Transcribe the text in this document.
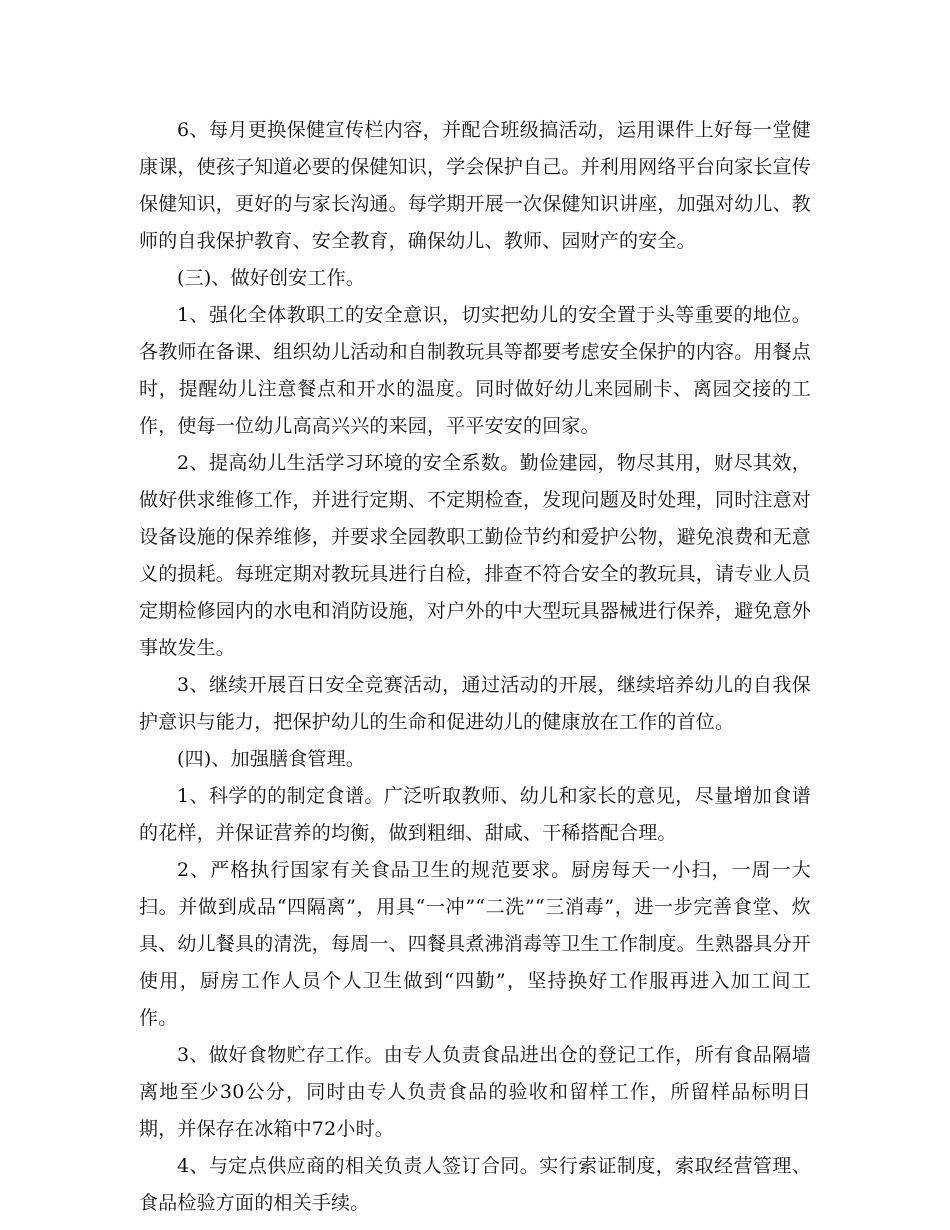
6、每月更换保健宣传栏内容，并配合班级搞活动，运用课件上好每一堂健康课，使孩子知道必要的保健知识，学会保护自己。并利用网络平台向家长宣传保健知识，更好的与家长沟通。每学期开展一次保健知识讲座，加强对幼儿、教师的自我保护教育、安全教育，确保幼儿、教师、园财产的安全。

(三)、做好创安工作。

1、强化全体教职工的安全意识，切实把幼儿的安全置于头等重要的地位。各教师在备课、组织幼儿活动和自制教玩具等都要考虑安全保护的内容。用餐点时，提醒幼儿注意餐点和开水的温度。同时做好幼儿来园刷卡、离园交接的工作，使每一位幼儿高高兴兴的来园，平平安安的回家。

2、提高幼儿生活学习环境的安全系数。勤俭建园，物尽其用，财尽其效，做好供求维修工作，并进行定期、不定期检查，发现问题及时处理，同时注意对设备设施的保养维修，并要求全园教职工勤俭节约和爱护公物，避免浪费和无意义的损耗。每班定期对教玩具进行自检，排查不符合安全的教玩具，请专业人员定期检修园内的水电和消防设施，对户外的中大型玩具器械进行保养，避免意外事故发生。

3、继续开展百日安全竞赛活动，通过活动的开展，继续培养幼儿的自我保护意识与能力，把保护幼儿的生命和促进幼儿的健康放在工作的首位。

(四)、加强膳食管理。

1、科学的的制定食谱。广泛听取教师、幼儿和家长的意见，尽量增加食谱的花样，并保证营养的均衡，做到粗细、甜咸、干稀搭配合理。

2、严格执行国家有关食品卫生的规范要求。厨房每天一小扫，一周一大扫。并做到成品“四隔离”，用具“一冲”“二洗”“三消毒”，进一步完善食堂、炊具、幼儿餐具的清洗，每周一、四餐具煮沸消毒等卫生工作制度。生熟器具分开使用，厨房工作人员个人卫生做到“四勤”，坚持换好工作服再进入加工间工作。

3、做好食物贮存工作。由专人负责食品进出仓的登记工作，所有食品隔墙离地至少30公分，同时由专人负责食品的验收和留样工作，所留样品标明日期，并保存在冰箱中72小时。

4、与定点供应商的相关负责人签订合同。实行索证制度，索取经营管理、食品检验方面的相关手续。
